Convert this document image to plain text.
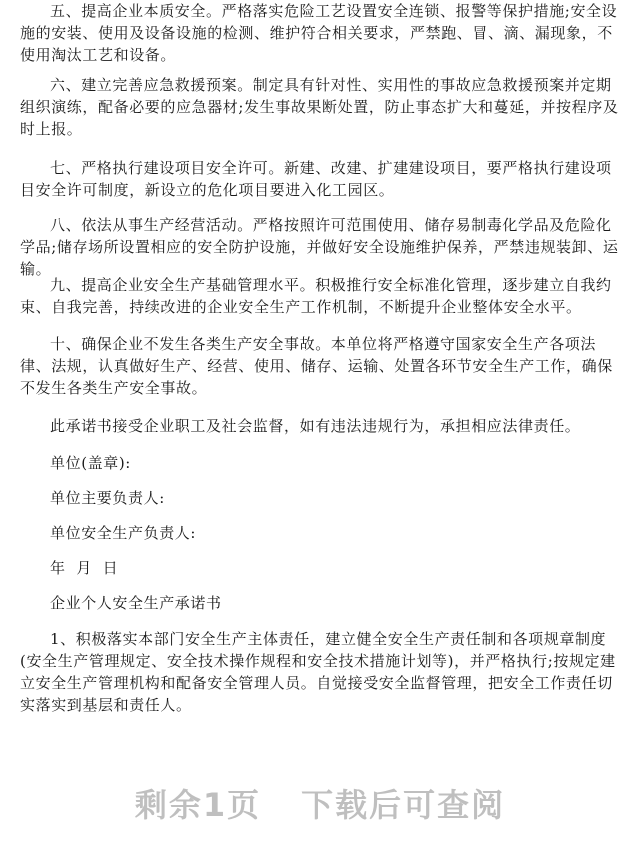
五、提高企业本质安全。严格落实危险工艺设置安全连锁、报警等保护措施;安全设施的安装、使用及设备设施的检测、维护符合相关要求，严禁跑、冒、滴、漏现象，不使用淘汰工艺和设备。

六、建立完善应急救援预案。制定具有针对性、实用性的事故应急救援预案并定期组织演练，配备必要的应急器材;发生事故果断处置，防止事态扩大和蔓延，并按程序及时上报。

七、严格执行建设项目安全许可。新建、改建、扩建建设项目，要严格执行建设项目安全许可制度，新设立的危化项目要进入化工园区。

八、依法从事生产经营活动。严格按照许可范围使用、储存易制毒化学品及危险化学品;储存场所设置相应的安全防护设施，并做好安全设施维护保养，严禁违规装卸、运输。

九、提高企业安全生产基础管理水平。积极推行安全标准化管理，逐步建立自我约束、自我完善，持续改进的企业安全生产工作机制，不断提升企业整体安全水平。

十、确保企业不发生各类生产安全事故。本单位将严格遵守国家安全生产各项法律、法规，认真做好生产、经营、使用、储存、运输、处置各环节安全生产工作，确保不发生各类生产安全事故。

此承诺书接受企业职工及社会监督，如有违法违规行为，承担相应法律责任。

单位(盖章):

单位主要负责人:

单位安全生产负责人:

年  月  日

企业个人安全生产承诺书

1、积极落实本部门安全生产主体责任，建立健全安全生产责任制和各项规章制度(安全生产管理规定、安全技术操作规程和安全技术措施计划等)，并严格执行;按规定建立安全生产管理机构和配备安全管理人员。自觉接受安全监督管理，把安全工作责任切实落实到基层和责任人。

剩余1页 下载后可查阅
